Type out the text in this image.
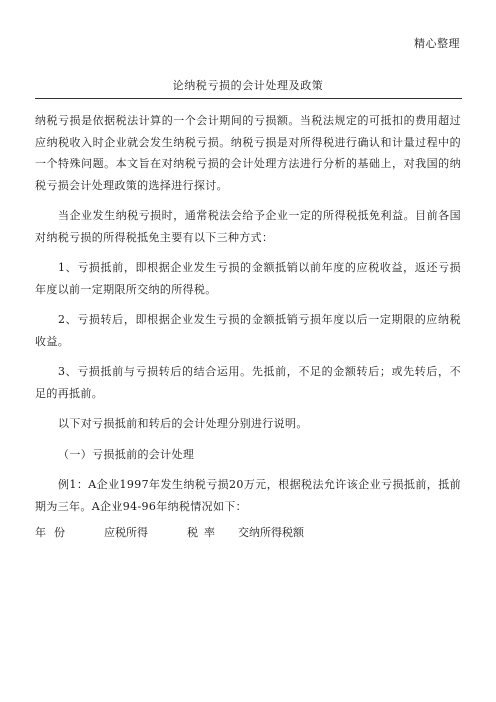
精心整理
论纳税亏损的会计处理及政策

纳税亏损是依据税法计算的一个会计期间的亏损额。当税法规定的可抵扣的费用超过应纳税收入时企业就会发生纳税亏损。纳税亏损是对所得税进行确认和计量过程中的一个特殊问题。本文旨在对纳税亏损的会计处理方法进行分析的基础上，对我国的纳税亏损会计处理政策的选择进行探讨。

当企业发生纳税亏损时，通常税法会给予企业一定的所得税抵免利益。目前各国对纳税亏损的所得税抵免主要有以下三种方式：

1、亏损抵前，即根据企业发生亏损的金额抵销以前年度的应税收益，返还亏损年度以前一定期限所交纳的所得税。

2、亏损转后，即根据企业发生亏损的金额抵销亏损年度以后一定期限的应纳税收益。

3、亏损抵前与亏损转后的结合运用。先抵前，不足的金额转后；或先转后，不足的再抵前。

以下对亏损抵前和转后的会计处理分别进行说明。

（一）亏损抵前的会计处理

例1：A企业1997年发生纳税亏损20万元，根据税法允许该企业亏损抵前，抵前期为三年。A企业94-96年纳税情况如下：

年份	应税所得	税率	交纳所得税额
